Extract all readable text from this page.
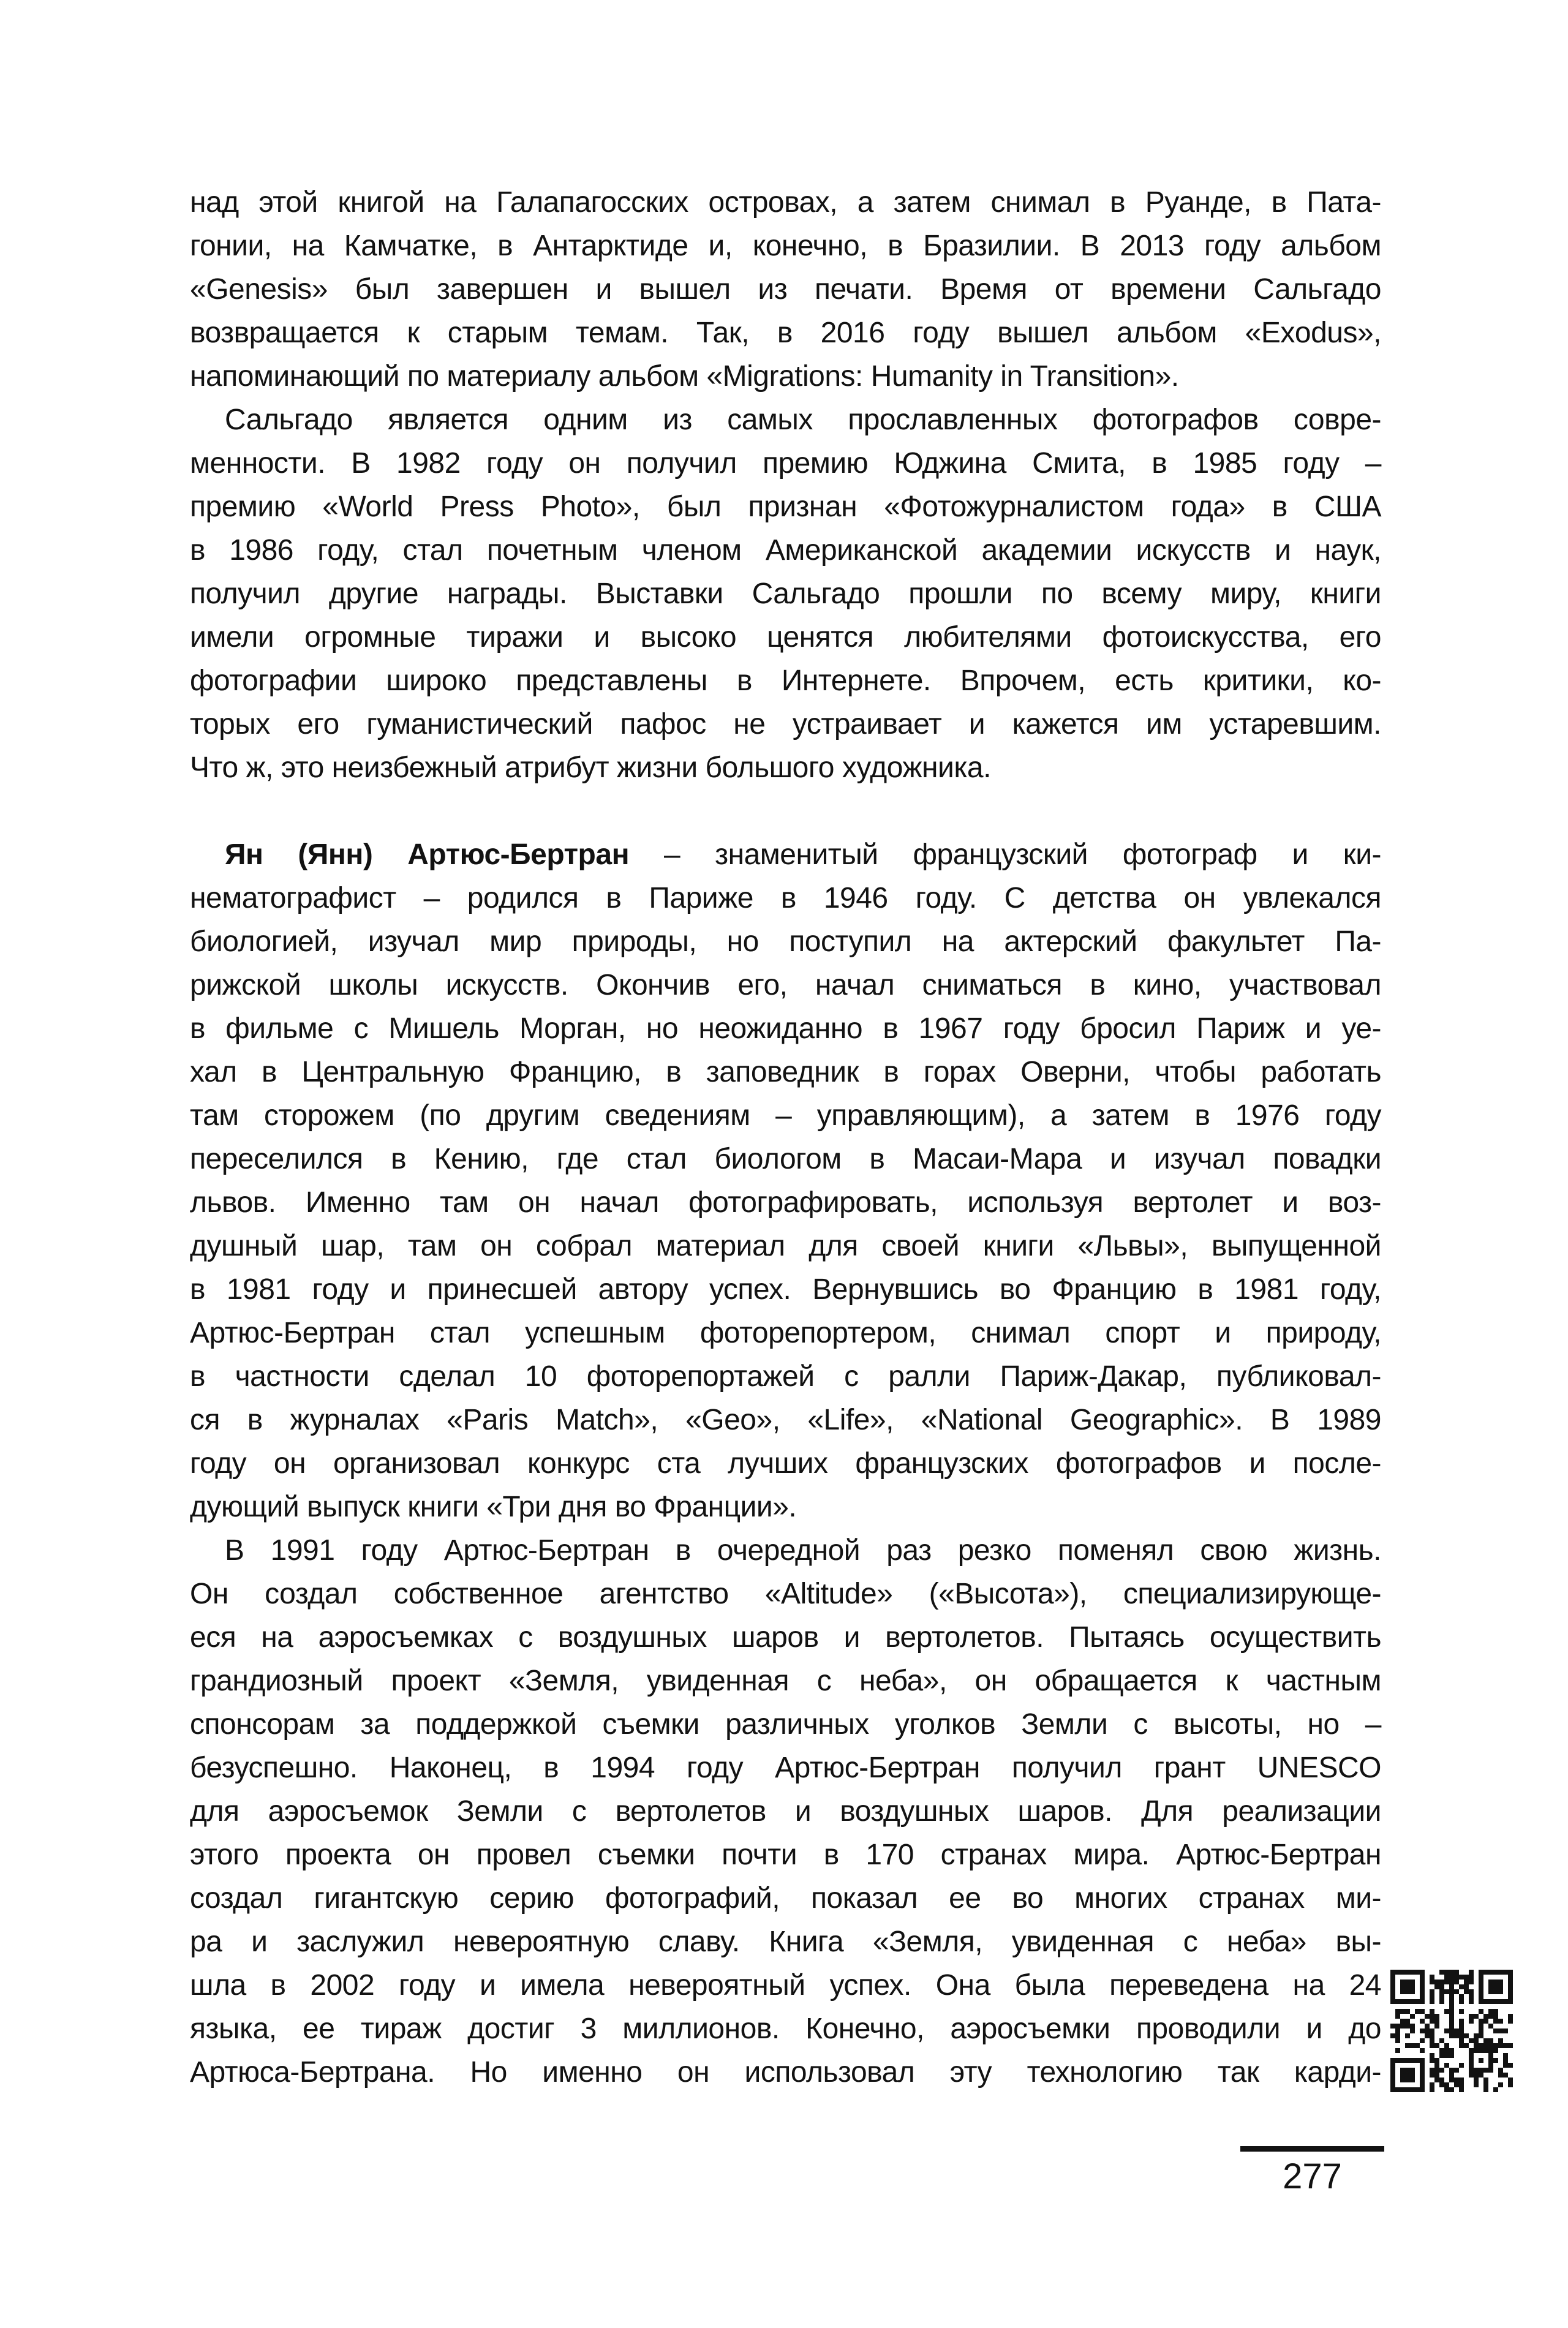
над этой книгой на Галапагосских островах, а затем снимал в Руанде, в Пата-
гонии, на Камчатке, в Антарктиде и, конечно, в Бразилии. В 2013 году альбом
«Genesis» был завершен и вышел из печати. Время от времени Сальгадо
возвращается к старым темам. Так, в 2016 году вышел альбом «Exodus»,
напоминающий по материалу альбом «Migrations: Humanity in Transition».
Сальгадо является одним из самых прославленных фотографов совре-
менности. В 1982 году он получил премию Юджина Смита, в 1985 году –
премию «World Press Photo», был признан «Фотожурналистом года» в США
в 1986 году, стал почетным членом Американской академии искусств и наук,
получил другие награды. Выставки Сальгадо прошли по всему миру, книги
имели огромные тиражи и высоко ценятся любителями фотоискусства, его
фотографии широко представлены в Интернете. Впрочем, есть критики, ко-
торых его гуманистический пафос не устраивает и кажется им устаревшим.
Что ж, это неизбежный атрибут жизни большого художника.
Ян (Янн) Артюс-Бертран – знаменитый французский фотограф и ки-
нематографист – родился в Париже в 1946 году. С детства он увлекался
биологией, изучал мир природы, но поступил на актерский факультет Па-
рижской школы искусств. Окончив его, начал сниматься в кино, участвовал
в фильме с Мишель Морган, но неожиданно в 1967 году бросил Париж и уе-
хал в Центральную Францию, в заповедник в горах Оверни, чтобы работать
там сторожем (по другим сведениям – управляющим), а затем в 1976 году
переселился в Кению, где стал биологом в Масаи-Мара и изучал повадки
львов. Именно там он начал фотографировать, используя вертолет и воз-
душный шар, там он собрал материал для своей книги «Львы», выпущенной
в 1981 году и принесшей автору успех. Вернувшись во Францию в 1981 году,
Артюс-Бертран стал успешным фоторепортером, снимал спорт и природу,
в частности сделал 10 фоторепортажей с ралли Париж-Дакар, публиковал-
ся в журналах «Paris Match», «Geo», «Life», «National Geographic». В 1989
году он организовал конкурс ста лучших французских фотографов и после-
дующий выпуск книги «Три дня во Франции».
В 1991 году Артюс-Бертран в очередной раз резко поменял свою жизнь.
Он создал собственное агентство «Altitude» («Высота»), специализирующе-
еся на аэросъемках с воздушных шаров и вертолетов. Пытаясь осуществить
грандиозный проект «Земля, увиденная с неба», он обращается к частным
спонсорам за поддержкой съемки различных уголков Земли с высоты, но –
безуспешно. Наконец, в 1994 году Артюс-Бертран получил грант UNESCO
для аэросъемок Земли с вертолетов и воздушных шаров. Для реализации
этого проекта он провел съемки почти в 170 странах мира. Артюс-Бертран
создал гигантскую серию фотографий, показал ее во многих странах ми-
ра и заслужил невероятную славу. Книга «Земля, увиденная с неба» вы-
шла в 2002 году и имела невероятный успех. Она была переведена на 24
языка, ее тираж достиг 3 миллионов. Конечно, аэросъемки проводили и до
Артюса-Бертрана. Но именно он использовал эту технологию так карди-
277
